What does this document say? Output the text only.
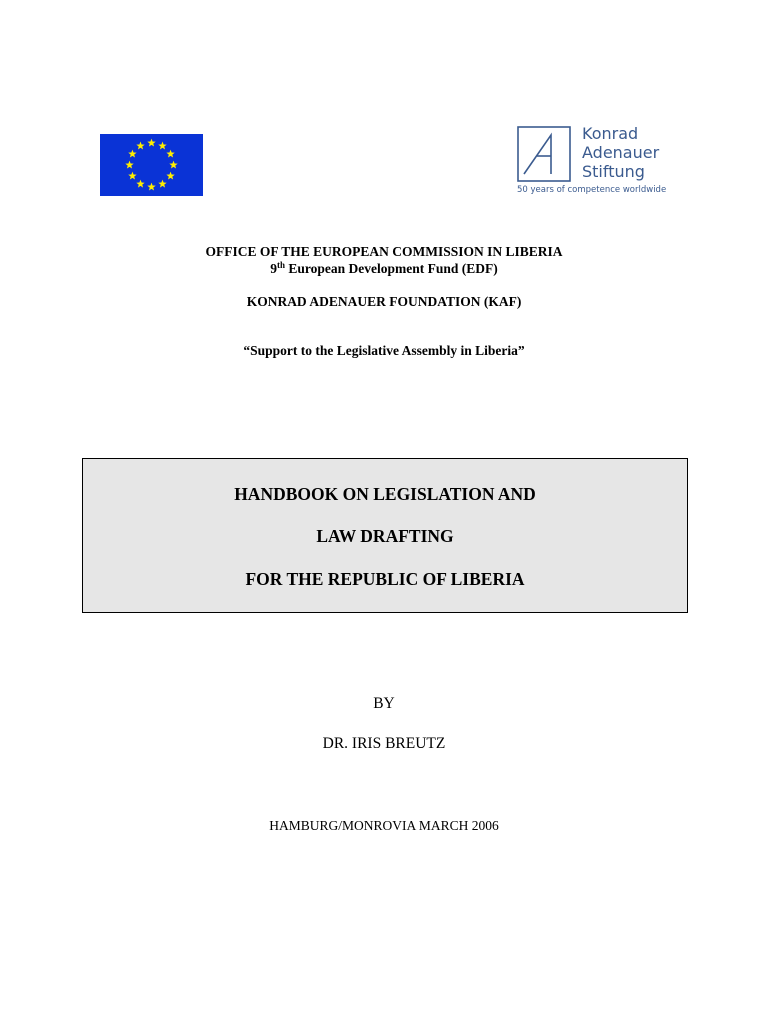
Konrad
Adenauer
Stiftung
50 years of competence worldwide
OFFICE OF THE EUROPEAN COMMISSION IN LIBERIA
9th European Development Fund (EDF)
KONRAD ADENAUER FOUNDATION (KAF)
“Support to the Legislative Assembly in Liberia”
HANDBOOK ON LEGISLATION AND
LAW DRAFTING
FOR THE REPUBLIC OF LIBERIA
BY
DR. IRIS BREUTZ
HAMBURG/MONROVIA MARCH 2006
